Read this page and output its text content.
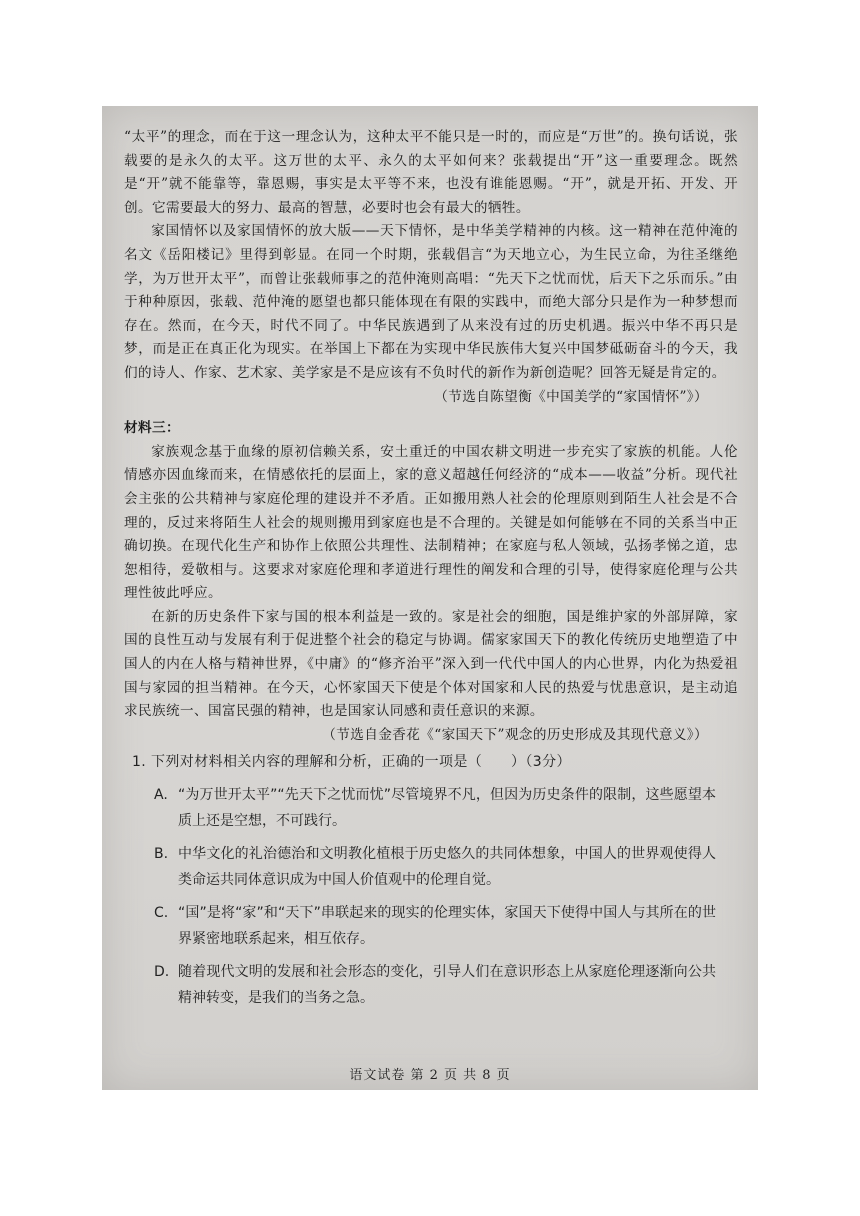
“太平”的理念，而在于这一理念认为，这种太平不能只是一时的，而应是“万世”的。换句话说，张载要的是永久的太平。这万世的太平、永久的太平如何来？张载提出“开”这一重要理念。既然是“开”就不能靠等，靠恩赐，事实是太平等不来，也没有谁能恩赐。“开”，就是开拓、开发、开创。它需要最大的努力、最高的智慧，必要时也会有最大的牺牲。

家国情怀以及家国情怀的放大版——天下情怀，是中华美学精神的内核。这一精神在范仲淹的名文《岳阳楼记》里得到彰显。在同一个时期，张载倡言“为天地立心，为生民立命，为往圣继绝学，为万世开太平”，而曾让张载师事之的范仲淹则高唱：“先天下之忧而忧，后天下之乐而乐。”由于种种原因，张载、范仲淹的愿望也都只能体现在有限的实践中，而绝大部分只是作为一种梦想而存在。然而，在今天，时代不同了。中华民族遇到了从来没有过的历史机遇。振兴中华不再只是梦，而是正在真正化为现实。在举国上下都在为实现中华民族伟大复兴中国梦砥砺奋斗的今天，我们的诗人、作家、艺术家、美学家是不是应该有不负时代的新作为新创造呢？回答无疑是肯定的。

（节选自陈望衡《中国美学的“家国情怀”》）

材料三：

家族观念基于血缘的原初信赖关系，安土重迁的中国农耕文明进一步充实了家族的机能。人伦情感亦因血缘而来，在情感依托的层面上，家的意义超越任何经济的“成本——收益”分析。现代社会主张的公共精神与家庭伦理的建设并不矛盾。正如搬用熟人社会的伦理原则到陌生人社会是不合理的，反过来将陌生人社会的规则搬用到家庭也是不合理的。关键是如何能够在不同的关系当中正确切换。在现代化生产和协作上依照公共理性、法制精神；在家庭与私人领域，弘扬孝悌之道，忠恕相待，爱敬相与。这要求对家庭伦理和孝道进行理性的阐发和合理的引导，使得家庭伦理与公共理性彼此呼应。

在新的历史条件下家与国的根本利益是一致的。家是社会的细胞，国是维护家的外部屏障，家国的良性互动与发展有利于促进整个社会的稳定与协调。儒家家国天下的教化传统历史地塑造了中国人的内在人格与精神世界，《中庸》的“修齐治平”深入到一代代中国人的内心世界，内化为热爱祖国与家园的担当精神。在今天，心怀家国天下使是个体对国家和人民的热爱与忧患意识，是主动追求民族统一、国富民强的精神，也是国家认同感和责任意识的来源。

（节选自金香花《“家国天下”观念的历史形成及其现代意义》）

1. 下列对材料相关内容的理解和分析，正确的一项是（　　）（3分）

A. “为万世开太平”“先天下之忧而忧”尽管境界不凡，但因为历史条件的限制，这些愿望本质上还是空想，不可践行。
B. 中华文化的礼治德治和文明教化植根于历史悠久的共同体想象，中国人的世界观使得人类命运共同体意识成为中国人价值观中的伦理自觉。
C. “国”是将“家”和“天下”串联起来的现实的伦理实体，家国天下使得中国人与其所在的世界紧密地联系起来，相互依存。
D. 随着现代文明的发展和社会形态的变化，引导人们在意识形态上从家庭伦理逐渐向公共精神转变，是我们的当务之急。
语文试卷 第 2 页 共 8 页
